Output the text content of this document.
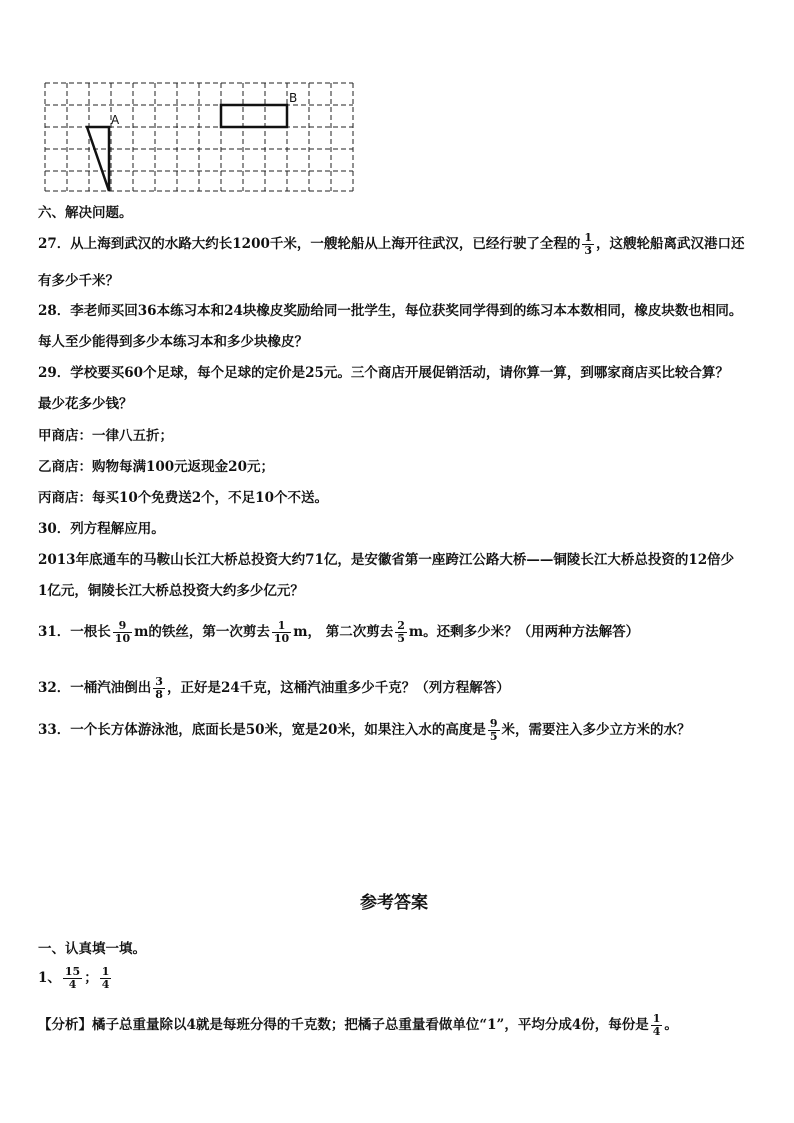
A
B
六、解决问题。
27．从上海到武汉的水路大约长1200千米，一艘轮船从上海开往武汉，已经行驶了全程的 $\frac{1}{3}$ ，这艘轮船离武汉港口还
有多少千米？
28．李老师买回36本练习本和24块橡皮奖励给同一批学生，每位获奖同学得到的练习本本数相同，橡皮块数也相同。
每人至少能得到多少本练习本和多少块橡皮？
29．学校要买60个足球，每个足球的定价是25元。三个商店开展促销活动，请你算一算，到哪家商店买比较合算？
最少花多少钱？
甲商店：一律八五折；
乙商店：购物每满100元返现金20元；
丙商店：每买10个免费送2个，不足10个不送。
30．列方程解应用。
2013年底通车的马鞍山长江大桥总投资大约71亿，是安徽省第一座跨江公路大桥——铜陵长江大桥总投资的12倍少
1亿元，铜陵长江大桥总投资大约多少亿元？
31．一根长 $\frac{9}{10}$ m的铁丝，第一次剪去 $\frac{1}{10}$ m， 第二次剪去 $\frac{2}{5}$ m。还剩多少米？（用两种方法解答）
32．一桶汽油倒出 $\frac{3}{8}$ ，正好是24千克，这桶汽油重多少千克？（列方程解答）
33．一个长方体游泳池，底面长是50米，宽是20米，如果注入水的高度是 $\frac{9}{5}$ 米，需要注入多少立方米的水？
参考答案
一、认真填一填。
1、 $\frac{15}{4}$ ； $\frac{1}{4}$
【分析】橘子总重量除以4就是每班分得的千克数；把橘子总重量看做单位“1”，平均分成4份，每份是 $\frac{1}{4}$ 。
